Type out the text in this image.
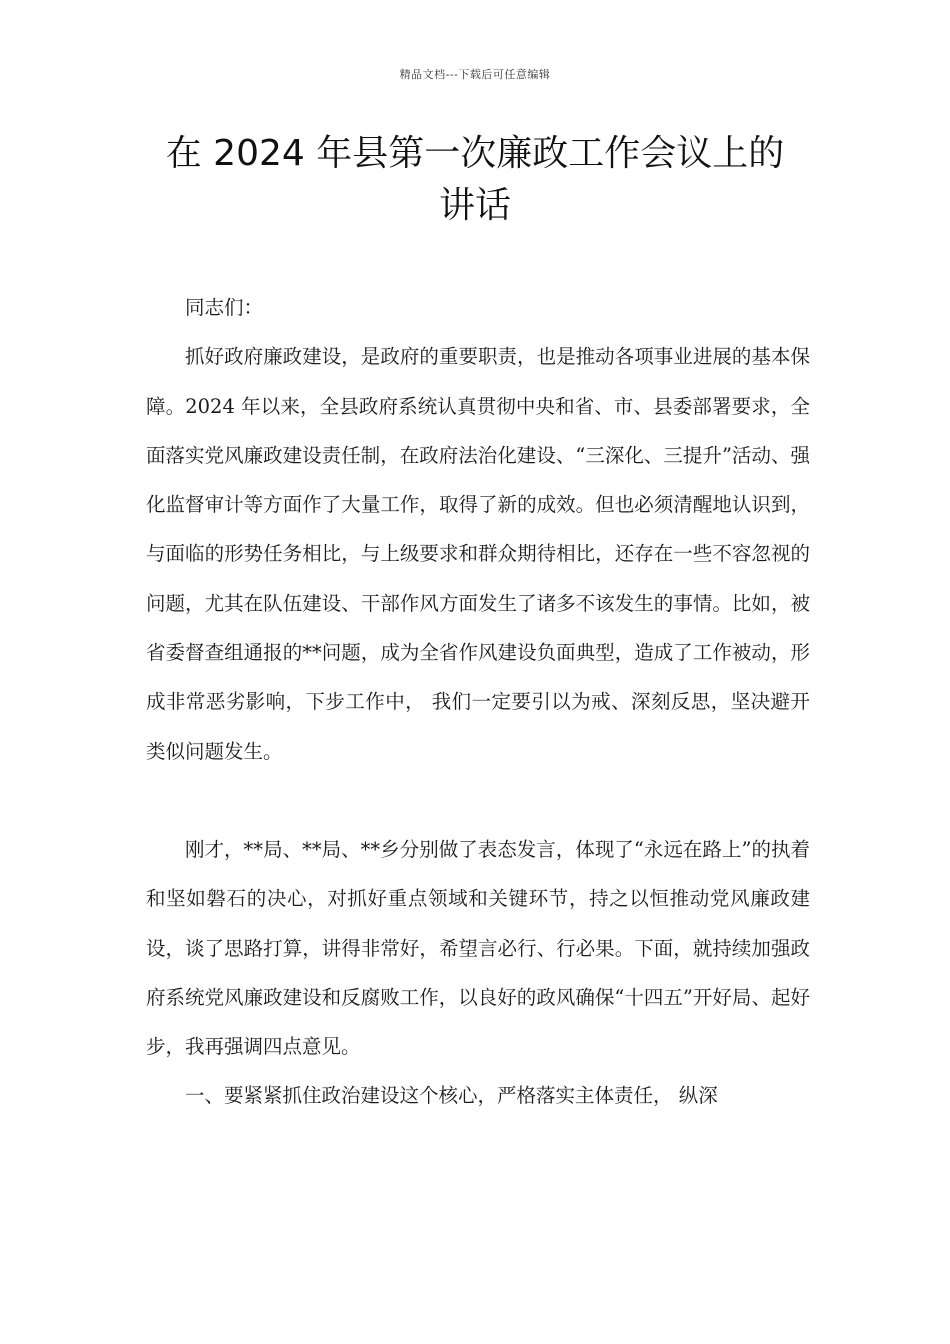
精品文档---下载后可任意编辑
在 2024 年县第一次廉政工作会议上的
讲话

同志们：

抓好政府廉政建设，是政府的重要职责，也是推动各项事业进展的基本保障。2024 年以来，全县政府系统认真贯彻中央和省、市、县委部署要求，全面落实党风廉政建设责任制，在政府法治化建设、“三深化、三提升”活动、强化监督审计等方面作了大量工作，取得了新的成效。但也必须清醒地认识到，与面临的形势任务相比，与上级要求和群众期待相比，还存在一些不容忽视的问题，尤其在队伍建设、干部作风方面发生了诸多不该发生的事情。比如，被省委督查组通报的**问题，成为全省作风建设负面典型，造成了工作被动，形成非常恶劣影响，下步工作中， 我们一定要引以为戒、深刻反思，坚决避开类似问题发生。

刚才，**局、**局、**乡分别做了表态发言，体现了“永远在路上”的执着和坚如磐石的决心，对抓好重点领域和关键环节，持之以恒推动党风廉政建设，谈了思路打算，讲得非常好，希望言必行、行必果。下面，就持续加强政府系统党风廉政建设和反腐败工作，以良好的政风确保“十四五”开好局、起好步，我再强调四点意见。

一、要紧紧抓住政治建设这个核心，严格落实主体责任， 纵深
